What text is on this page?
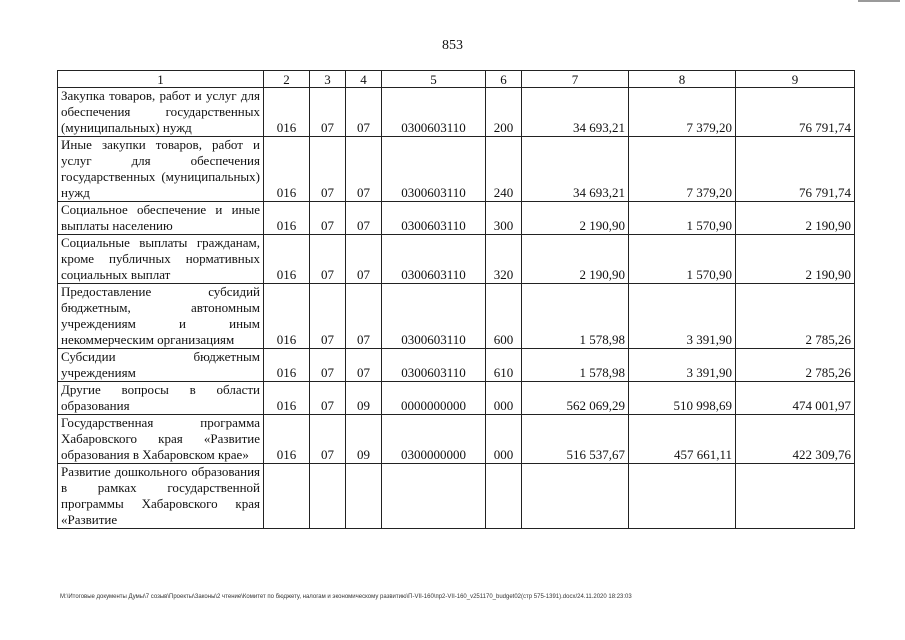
853
1	2	3	4	5	6	7	8	9
Закупка товаров, работ и услуг для обеспечения государственных (муниципальных) нужд	016	07	07	0300603110	200	34 693,21	7 379,20	76 791,74
Иные закупки товаров, работ и услуг для обеспечения государственных (муниципальных) нужд	016	07	07	0300603110	240	34 693,21	7 379,20	76 791,74
Социальное обеспечение и иные выплаты населению	016	07	07	0300603110	300	2 190,90	1 570,90	2 190,90
Социальные выплаты гражданам, кроме публичных нормативных социальных выплат	016	07	07	0300603110	320	2 190,90	1 570,90	2 190,90
Предоставление субсидий бюджетным, автономным учреждениям и иным некоммерческим организациям	016	07	07	0300603110	600	1 578,98	3 391,90	2 785,26
Субсидии бюджетным учреждениям	016	07	07	0300603110	610	1 578,98	3 391,90	2 785,26
Другие вопросы в области образования	016	07	09	0000000000	000	562 069,29	510 998,69	474 001,97
Государственная программа Хабаровского края «Развитие образования в Хабаровском крае»	016	07	09	0300000000	000	516 537,67	457 661,11	422 309,76
Развитие дошкольного образования в рамках государственной программы Хабаровского края «Развитие								
M:\Итоговые документы Думы\7 созыв\Проекты\Законы\2 чтение\Комитет по бюджету, налогам и экономическому развитию\П-VII-160\пр2-VII-160_v251170_budget02(стр 575-1391).docx/24.11.2020 18:23:03
